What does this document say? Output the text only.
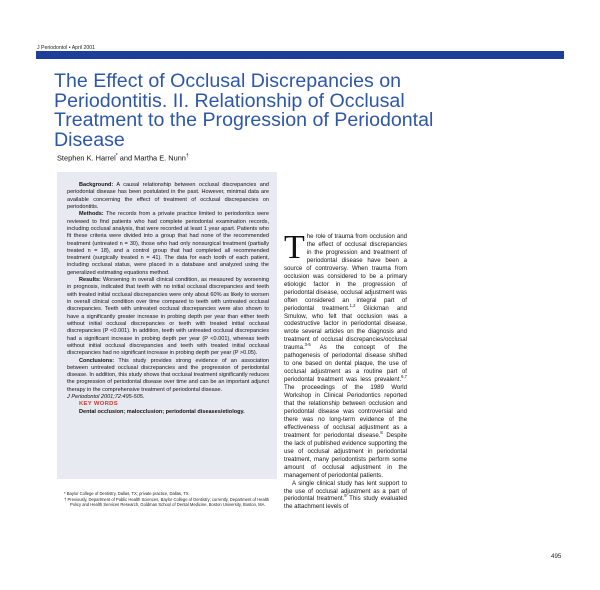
J Periodontol • April 2001
The Effect of Occlusal Discrepancies on Periodontitis. II. Relationship of Occlusal Treatment to the Progression of Periodontal Disease
Stephen K. Harrel* and Martha E. Nunn†

Background: A causal relationship between occlusal discrepancies and periodontal disease has been postulated in the past. However, minimal data are available concerning the effect of treatment of occlusal discrepancies on periodontitis.

Methods: The records from a private practice limited to periodontics were reviewed to find patients who had complete periodontal examination records, including occlusal analysis, that were recorded at least 1 year apart. Patients who fit these criteria were divided into a group that had none of the recommended treatment (untreated n = 30), those who had only nonsurgical treatment (partially treated n = 18), and a control group that had completed all recommended treatment (surgically treated n = 41). The data for each tooth of each patient, including occlusal status, were placed in a database and analyzed using the generalized estimating equations method.

Results: Worsening in overall clinical condition, as measured by worsening in prognosis, indicated that teeth with no initial occlusal discrepancies and teeth with treated initial occlusal discrepancies were only about 60% as likely to worsen in overall clinical condition over time compared to teeth with untreated occlusal discrepancies. Teeth with untreated occlusal discrepancies were also shown to have a significantly greater increase in probing depth per year than either teeth without initial occlusal discrepancies or teeth with treated initial occlusal discrepancies (P <0.001). In addition, teeth with untreated occlusal discrepancies had a significant increase in probing depth per year (P <0.001), whereas teeth without initial occlusal discrepancies and teeth with treated initial occlusal discrepancies had no significant increase in probing depth per year (P >0.05).

Conclusions: This study provides strong evidence of an association between untreated occlusal discrepancies and the progression of periodontal disease. In addition, this study shows that occlusal treatment significantly reduces the progression of periodontal disease over time and can be an important adjunct therapy in the comprehensive treatment of periodontal disease.

J Periodontol 2001;72:495-505.

KEY WORDS

Dental occlusion; malocclusion; periodontal diseases/etiology.

* Baylor College of Dentistry, Dallas, TX; private practice, Dallas, TX.

† Previously, Department of Public Health Sciences, Baylor College of Dentistry; currently, Department of Health Policy and Health Services Research, Goldman School of Dental Medicine, Boston University, Boston, MA.

The role of trauma from occlusion and the effect of occlusal discrepancies in the progression and treatment of periodontal disease have been a source of controversy. When trauma from occlusion was considered to be a primary etiologic factor in the progression of periodontal disease, occlusal adjustment was often considered an integral part of periodontal treatment.$^{1,2}$ Glickman and Smulow, who felt that occlusion was a codestructive factor in periodontal disease, wrote several articles on the diagnosis and treatment of occlusal discrepancies/occlusal trauma.$^{3-5}$ As the concept of the pathogenesis of periodontal disease shifted to one based on dental plaque, the use of occlusal adjustment as a routine part of periodontal treatment was less prevalent.$^{6,7}$ The proceedings of the 1989 World Workshop in Clinical Periodontics reported that the relationship between occlusion and periodontal disease was controversial and there was no long-term evidence of the effectiveness of occlusal adjustment as a treatment for periodontal disease.$^8$ Despite the lack of published evidence supporting the use of occlusal adjustment in periodontal treatment, many periodontists perform some amount of occlusal adjustment in the management of periodontal patients.

A single clinical study has lent support to the use of occlusal adjustment as a part of periodontal treatment.$^9$ This study evaluated the attachment levels of

495
